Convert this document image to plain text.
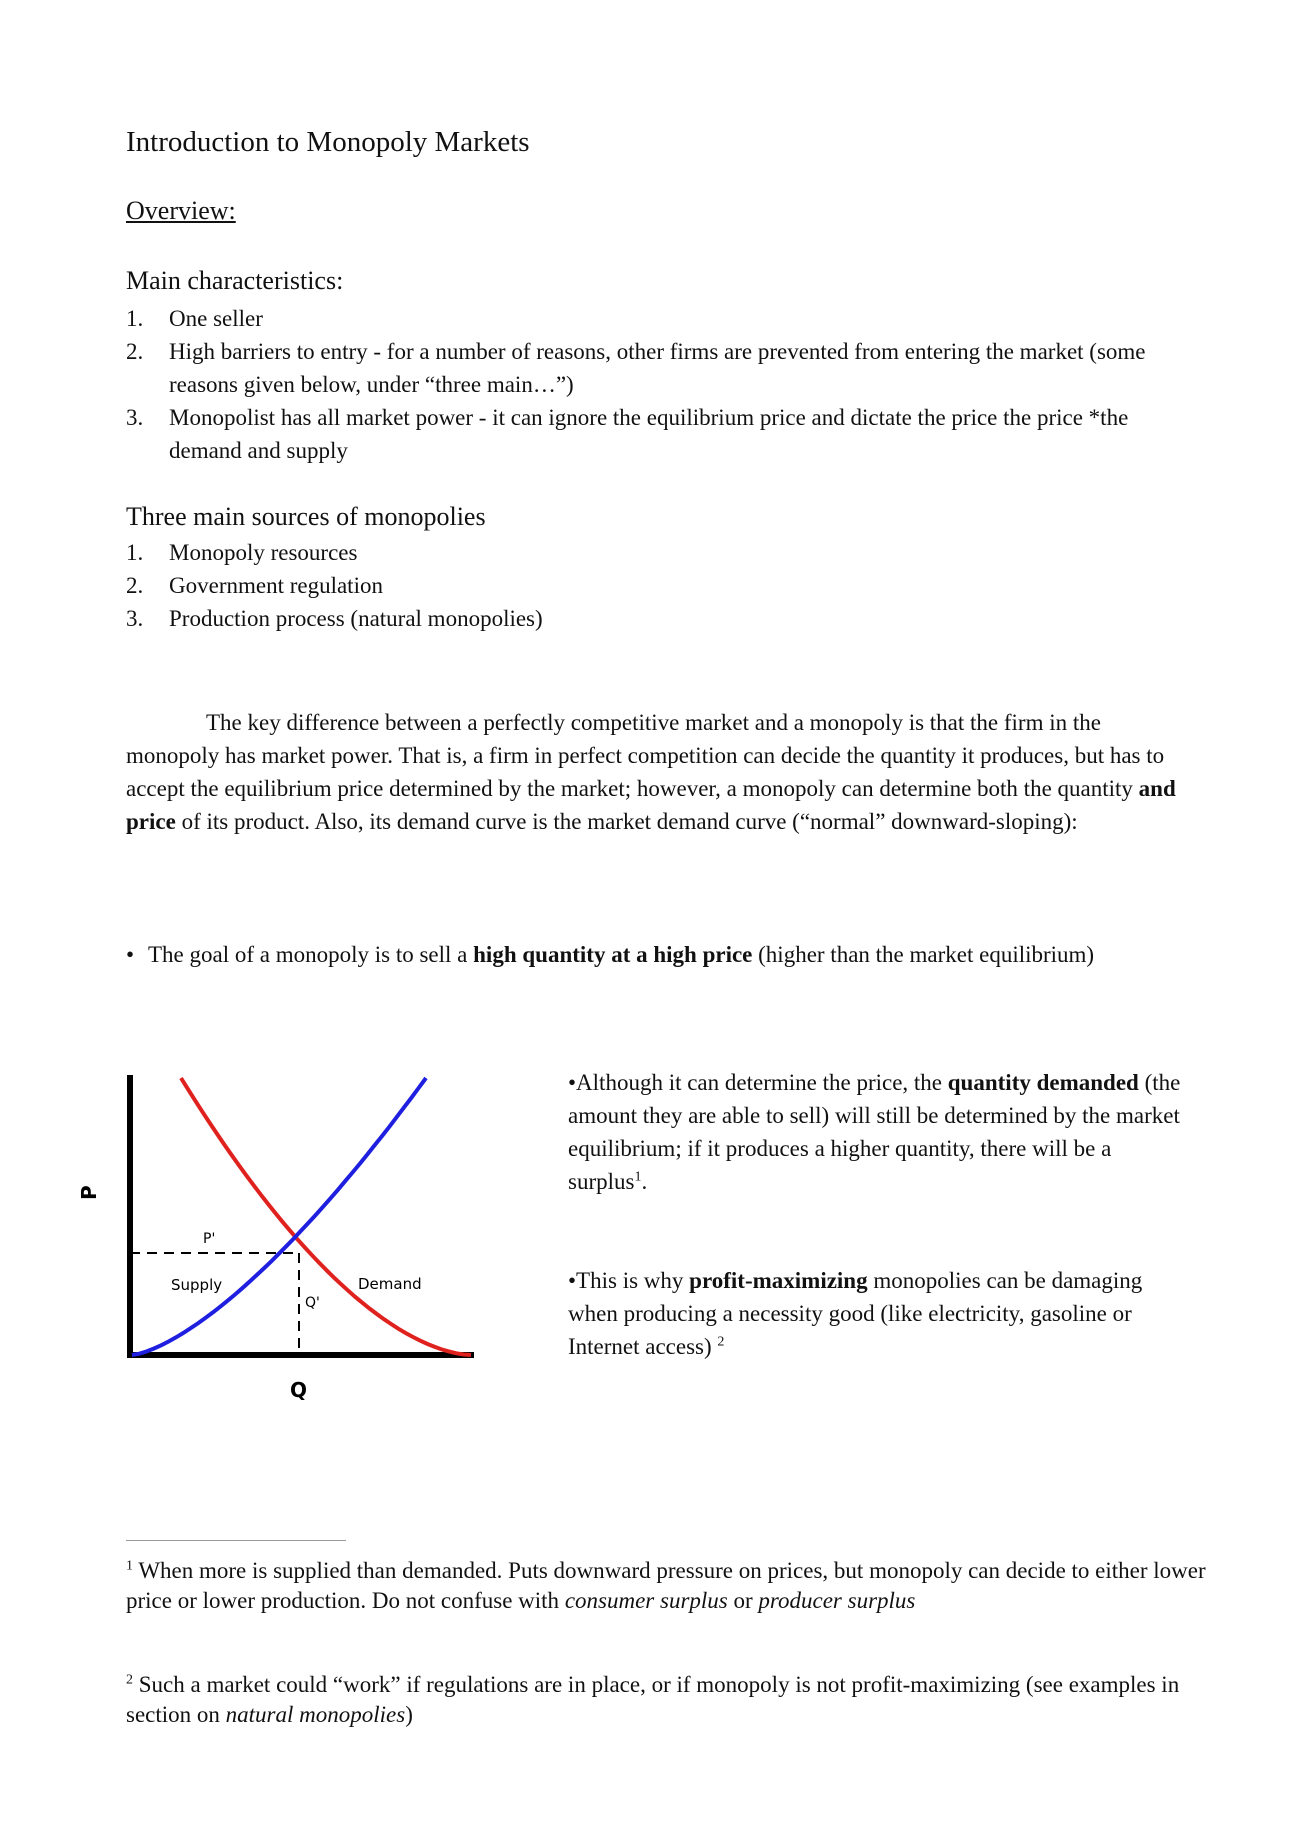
Introduction to Monopoly Markets
Overview:
Main characteristics:
1. One seller
2. High barriers to entry - for a number of reasons, other firms are prevented from entering the market (some reasons given below, under “three main…”)
3. Monopolist has all market power - it can ignore the equilibrium price and dictate the price the price *the demand and supply
Three main sources of monopolies
1. Monopoly resources
2. Government regulation
3. Production process (natural monopolies)

The key difference between a perfectly competitive market and a monopoly is that the firm in the monopoly has market power. That is, a firm in perfect competition can decide the quantity it produces, but has to accept the equilibrium price determined by the market; however, a monopoly can determine both the quantity and price of its product. Also, its demand curve is the market demand curve (“normal” downward-sloping):

• The goal of a monopoly is to sell a high quantity at a high price (higher than the market equilibrium)
P'
Q'
Supply	Demand
Q
P

•Although it can determine the price, the quantity demanded (the amount they are able to sell) will still be determined by the market equilibrium; if it produces a higher quantity, there will be a surplus$^1$.

•This is why profit-maximizing monopolies can be damaging when producing a necessity good (like electricity, gasoline or Internet access) $^2$

$^1$ When more is supplied than demanded. Puts downward pressure on prices, but monopoly can decide to either lower price or lower production. Do not confuse with consumer surplus or producer surplus

$^2$ Such a market could “work” if regulations are in place, or if monopoly is not profit-maximizing (see examples in section on natural monopolies)
